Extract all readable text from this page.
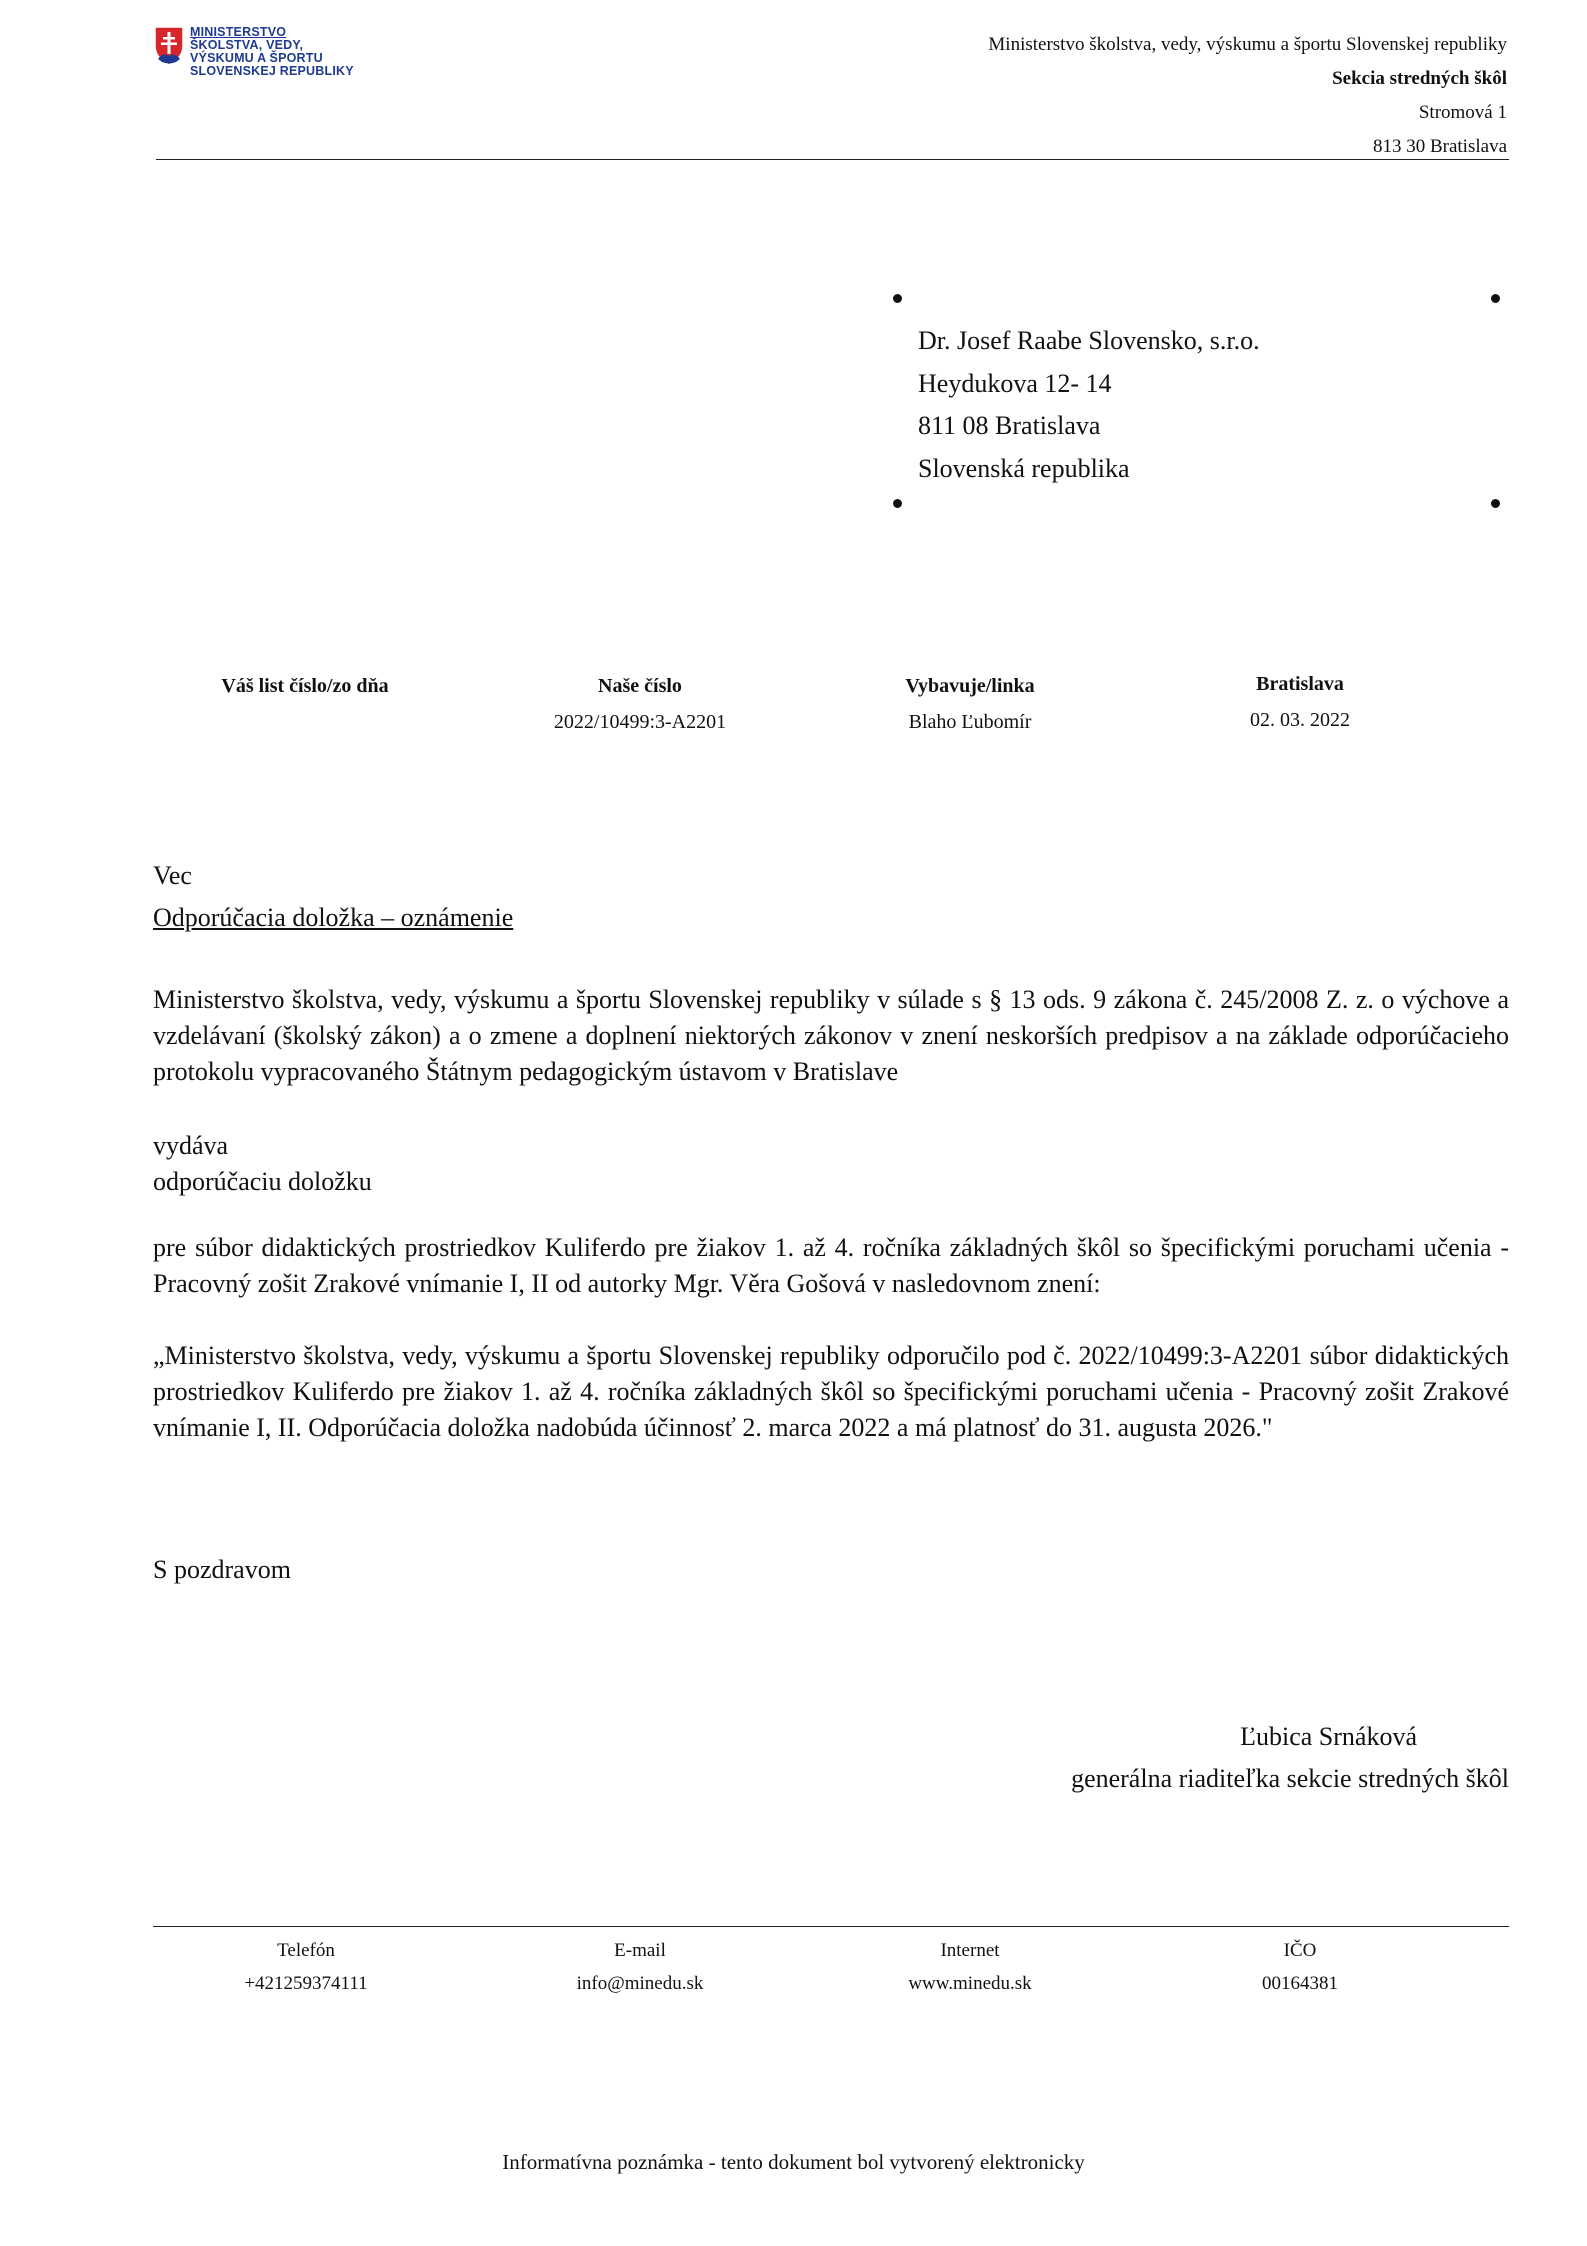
MINISTERSTVO
ŠKOLSTVA, VEDY,
VÝSKUMU A ŠPORTU
SLOVENSKEJ REPUBLIKY
Ministerstvo školstva, vedy, výskumu a športu Slovenskej republiky
Sekcia stredných škôl
Stromová 1
813 30 Bratislava
Dr. Josef Raabe Slovensko, s.r.o.
Heydukova 12- 14
811 08 Bratislava
Slovenská republika
Váš list číslo/zo dňa	Naše číslo
2022/10499:3-A2201
Vybavuje/linka
Blaho Ľubomír
Bratislava
02. 03. 2022
Vec
Odporúčacia doložka – oznámenie
Ministerstvo školstva, vedy, výskumu a športu Slovenskej republiky v súlade s § 13 ods. 9 zákona č. 245/2008 Z. z. o výchove a vzdelávaní (školský zákon) a o zmene a doplnení niektorých zákonov v znení neskorších predpisov a na základe odporúčacieho protokolu vypracovaného Štátnym pedagogickým ústavom v Bratislave
vydáva
odporúčaciu doložku
pre súbor didaktických prostriedkov Kuliferdo pre žiakov 1. až 4. ročníka základných škôl so špecifickými poruchami učenia - Pracovný zošit Zrakové vnímanie I, II od autorky Mgr. Věra Gošová v nasledovnom znení:
„Ministerstvo školstva, vedy, výskumu a športu Slovenskej republiky odporučilo pod č. 2022/10499:3-A2201 súbor didaktických prostriedkov Kuliferdo pre žiakov 1. až 4. ročníka základných škôl so špecifickými poruchami učenia - Pracovný zošit Zrakové vnímanie I, II. Odporúčacia doložka nadobúda účinnosť 2. marca 2022 a má platnosť do 31. augusta 2026."
S pozdravom
Ľubica Srnáková
generálna riaditeľka sekcie stredných škôl
Telefón
+421259374111
E-mail
info@minedu.sk
Internet
www.minedu.sk
IČO
00164381
Informatívna poznámka - tento dokument bol vytvorený elektronicky
